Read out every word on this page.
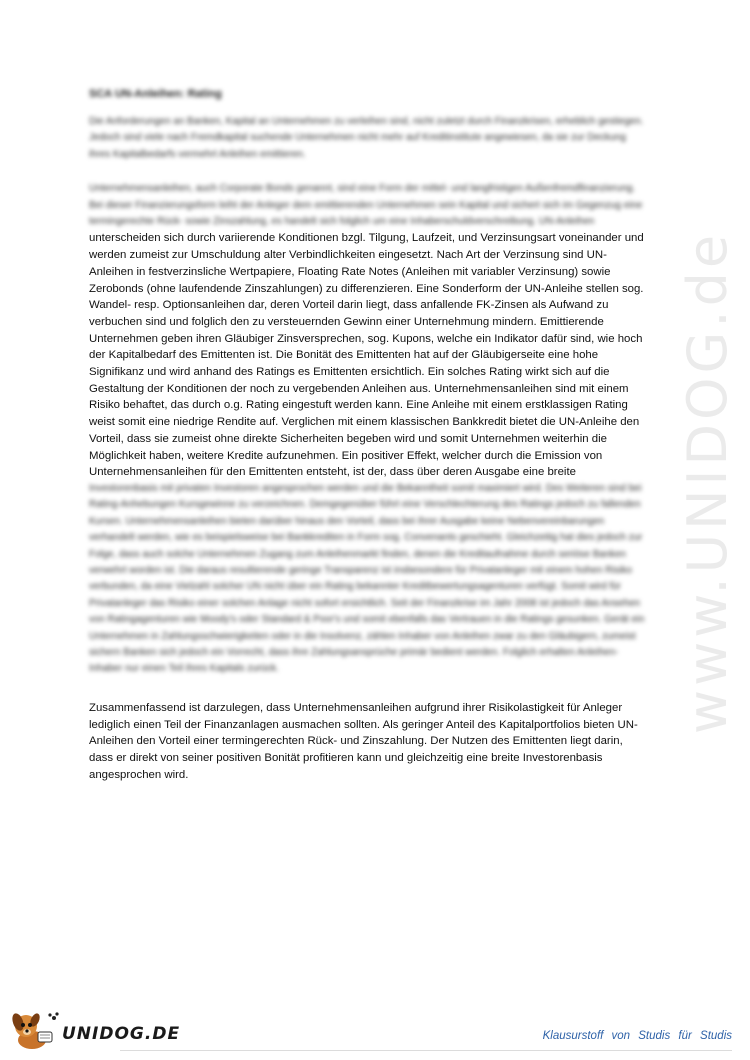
www.UNIDOG.de
SCA UN-Anleihen: Rating

Die Anforderungen an Banken, Kapital an Unternehmen zu verleihen sind, nicht zuletzt durch Finanzkrisen, erheblich gestiegen. Jedoch sind viele nach Fremdkapital suchende Unternehmen nicht mehr auf Kreditinstitute angewiesen, da sie zur Deckung ihres Kapitalbedarfs vermehrt Anleihen emittieren.

Unternehmensanleihen, auch Corporate Bonds genannt, sind eine Form der mittel- und langfristigen Außenfremdfinanzierung. Bei dieser Finanzierungsform leiht der Anleger dem emittierenden Unternehmen sein Kapital und sichert sich im Gegenzug eine termingerechte Rück- sowie Zinszahlung, es handelt sich folglich um eine Inhaberschuldverschreibung. UN-Anleihen

unterscheiden sich durch variierende Konditionen bzgl. Tilgung, Laufzeit, und Verzinsungsart voneinander und werden zumeist zur Umschuldung alter Verbindlichkeiten eingesetzt. Nach Art der Verzinsung sind UN-Anleihen in festverzinsliche Wertpapiere, Floating Rate Notes (Anleihen mit variabler Verzinsung) sowie Zerobonds (ohne laufendende Zinszahlungen) zu differenzieren. Eine Sonderform der UN-Anleihe stellen sog. Wandel- resp. Optionsanleihen dar, deren Vorteil darin liegt, dass anfallende FK-Zinsen als Aufwand zu verbuchen sind und folglich den zu versteuernden Gewinn einer Unternehmung mindern. Emittierende Unternehmen geben ihren Gläubiger Zinsversprechen, sog. Kupons, welche ein Indikator dafür sind, wie hoch der Kapitalbedarf des Emittenten ist. Die Bonität des Emittenten hat auf der Gläubigerseite eine hohe Signifikanz und wird anhand des Ratings es Emittenten ersichtlich. Ein solches Rating wirkt sich auf die Gestaltung der Konditionen der noch zu vergebenden Anleihen aus. Unternehmensanleihen sind mit einem Risiko behaftet, das durch o.g. Rating eingestuft werden kann. Eine Anleihe mit einem erstklassigen Rating weist somit eine niedrige Rendite auf. Verglichen mit einem klassischen Bankkredit bietet die UN-Anleihe den Vorteil, dass sie zumeist ohne direkte Sicherheiten begeben wird und somit Unternehmen weiterhin die Möglichkeit haben, weitere Kredite aufzunehmen. Ein positiver Effekt, welcher durch die Emission von Unternehmensanleihen für den Emittenten entsteht, ist der, dass über deren Ausgabe eine breite

Investorenbasis mit privaten Investoren angesprochen werden und die Bekanntheit somit maximiert wird. Des Weiteren sind bei Rating-Anhebungen Kursgewinne zu verzeichnen. Demgegenüber führt eine Verschlechterung des Ratings jedoch zu fallenden Kursen. Unternehmensanleihen bieten darüber hinaus den Vorteil, dass bei ihrer Ausgabe keine Nebenvereinbarungen verhandelt werden, wie es beispielsweise bei Bankkrediten in Form sog. Convenants geschieht. Gleichzeitig hat dies jedoch zur Folge, dass auch solche Unternehmen Zugang zum Anleihenmarkt finden, denen die Kreditaufnahme durch seriöse Banken verwehrt worden ist. Die daraus resultierende geringe Transparenz ist insbesondere für Privatanleger mit einem hohen Risiko verbunden, da eine Vielzahl solcher UN nicht über ein Rating bekannter Kreditbewertungsagenturen verfügt. Somit wird für Privatanleger das Risiko einer solchen Anlage nicht sofort ersichtlich. Seit der Finanzkrise im Jahr 2008 ist jedoch das Ansehen von Ratingagenturen wie Moody's oder Standard & Poor's und somit ebenfalls das Vertrauen in die Ratings gesunken. Gerät ein Unternehmen in Zahlungsschwierigkeiten oder in die Insolvenz, zählen Inhaber von Anleihen zwar zu den Gläubigern, zumeist sichern Banken sich jedoch ein Vorrecht, dass ihre Zahlungsansprüche primär bedient werden. Folglich erhalten Anleihen- Inhaber nur einen Teil ihres Kapitals zurück.

Zusammenfassend ist darzulegen, dass Unternehmensanleihen aufgrund ihrer Risikolastigkeit für Anleger lediglich einen Teil der Finanzanlagen ausmachen sollten. Als geringer Anteil des Kapitalportfolios bieten UN-Anleihen den Vorteil einer termingerechten Rück- und Zinszahlung. Der Nutzen des Emittenten liegt darin, dass er direkt von seiner positiven Bonität profitieren kann und gleichzeitig eine breite Investorenbasis angesprochen wird.

UNIDOG.DE	Klausurstoff von Studis für Studis
